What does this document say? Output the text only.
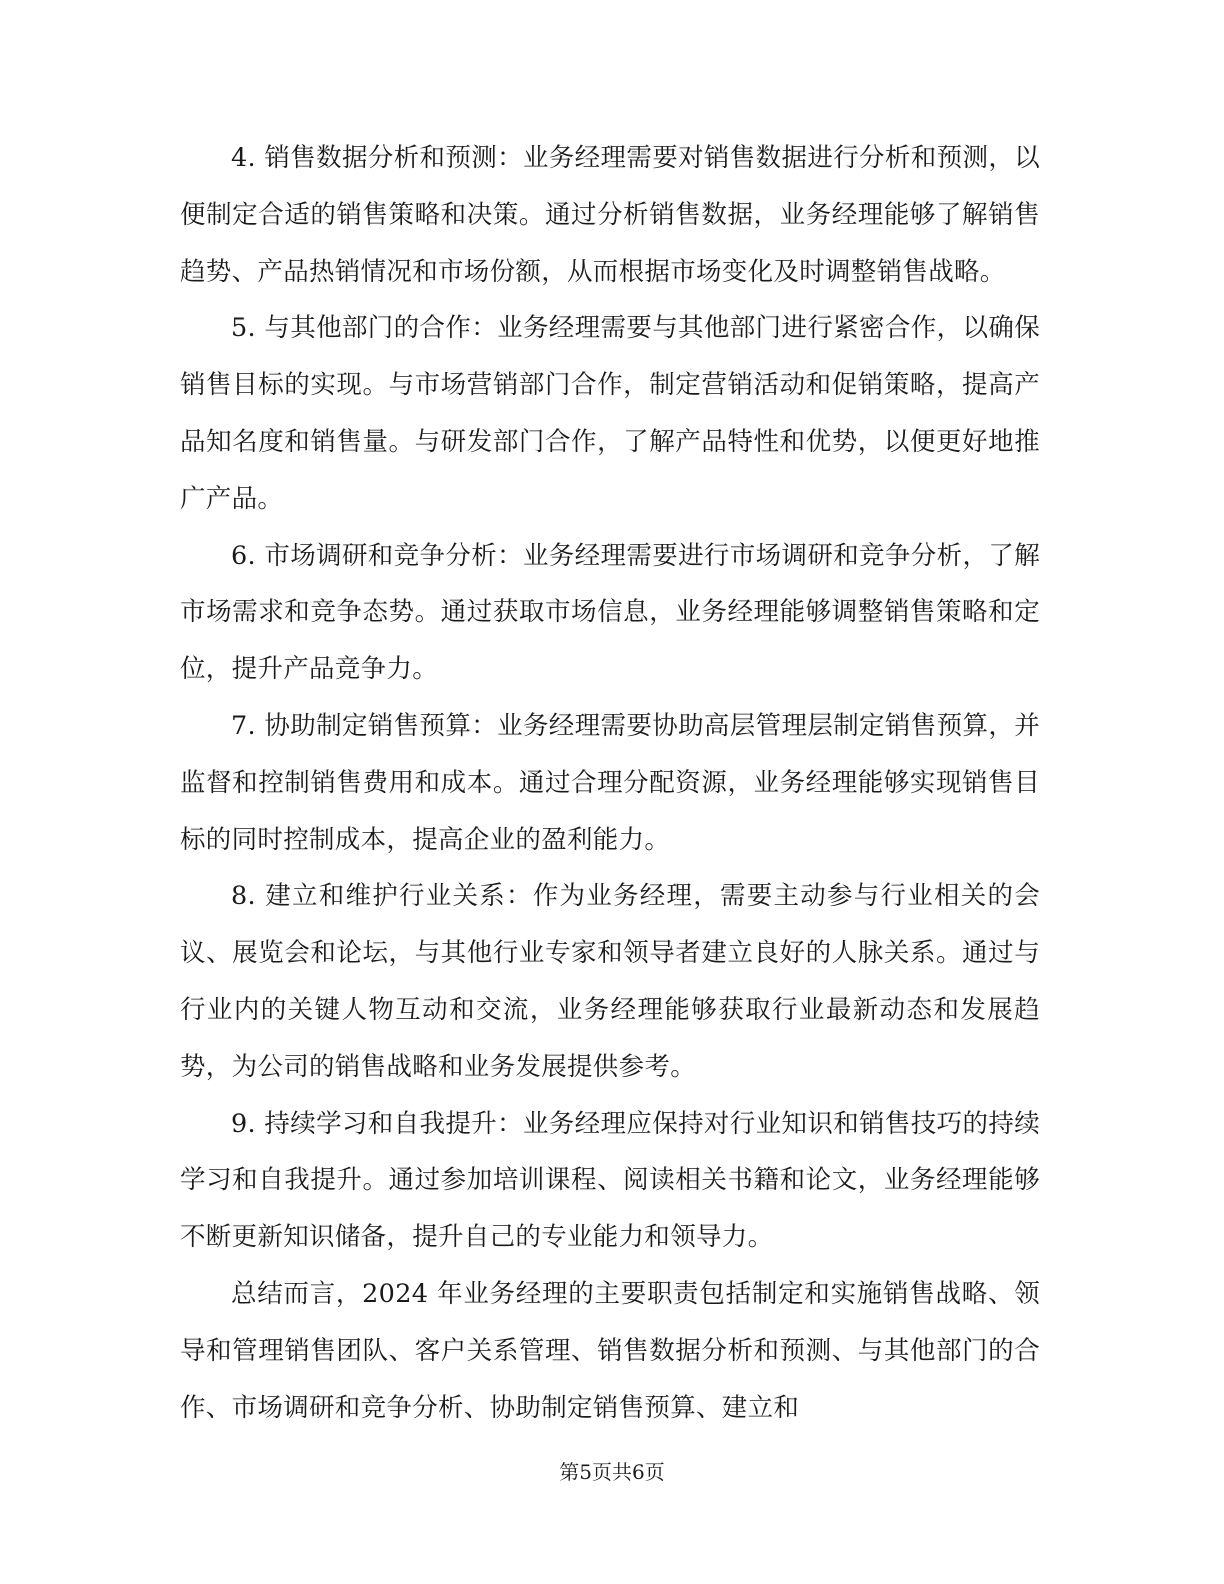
4. 销售数据分析和预测：业务经理需要对销售数据进行分析和预测，以便制定合适的销售策略和决策。通过分析销售数据，业务经理能够了解销售趋势、产品热销情况和市场份额，从而根据市场变化及时调整销售战略。

5. 与其他部门的合作：业务经理需要与其他部门进行紧密合作，以确保销售目标的实现。与市场营销部门合作，制定营销活动和促销策略，提高产品知名度和销售量。与研发部门合作，了解产品特性和优势，以便更好地推广产品。

6. 市场调研和竞争分析：业务经理需要进行市场调研和竞争分析，了解市场需求和竞争态势。通过获取市场信息，业务经理能够调整销售策略和定位，提升产品竞争力。

7. 协助制定销售预算：业务经理需要协助高层管理层制定销售预算，并监督和控制销售费用和成本。通过合理分配资源，业务经理能够实现销售目标的同时控制成本，提高企业的盈利能力。

8. 建立和维护行业关系：作为业务经理，需要主动参与行业相关的会议、展览会和论坛，与其他行业专家和领导者建立良好的人脉关系。通过与行业内的关键人物互动和交流，业务经理能够获取行业最新动态和发展趋势，为公司的销售战略和业务发展提供参考。

9. 持续学习和自我提升：业务经理应保持对行业知识和销售技巧的持续学习和自我提升。通过参加培训课程、阅读相关书籍和论文，业务经理能够不断更新知识储备，提升自己的专业能力和领导力。

总结而言，2024 年业务经理的主要职责包括制定和实施销售战略、领导和管理销售团队、客户关系管理、销售数据分析和预测、与其他部门的合作、市场调研和竞争分析、协助制定销售预算、建立和

第5页共6页
